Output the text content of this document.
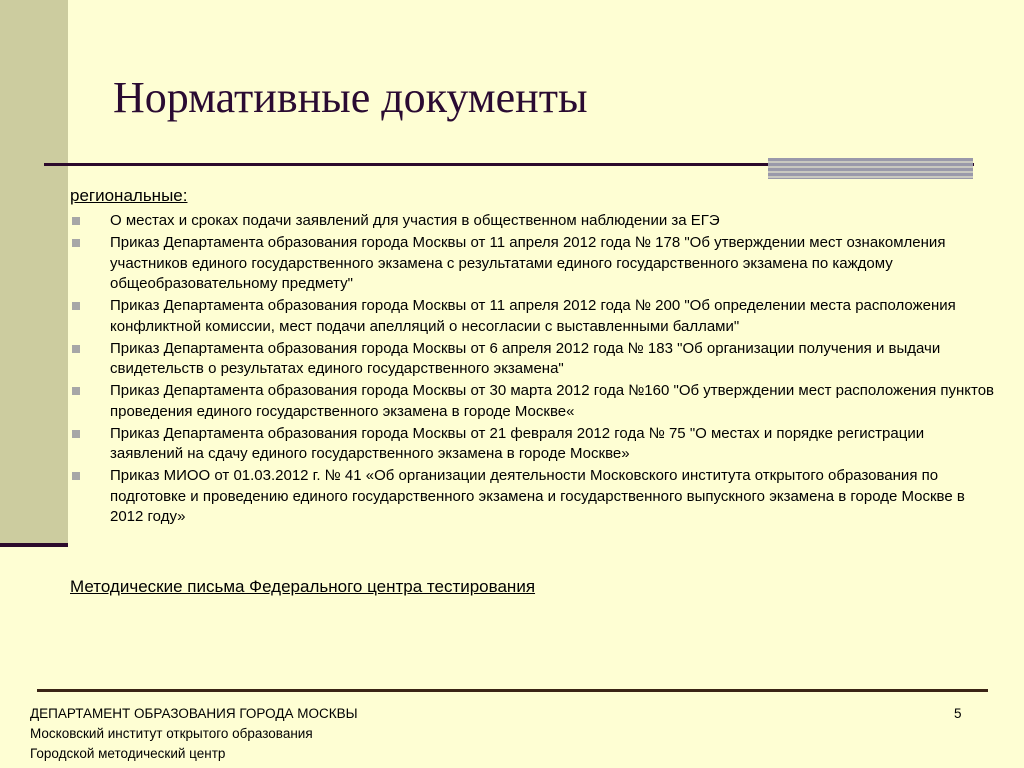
Нормативные документы
региональные:
О местах и сроках подачи заявлений для участия в общественном наблюдении за ЕГЭ
Приказ Департамента образования города Москвы от 11 апреля 2012 года № 178 "Об утверждении мест ознакомления участников единого государственного экзамена с результатами единого государственного экзамена по каждому общеобразовательному предмету"
Приказ Департамента образования города Москвы от 11 апреля 2012 года № 200 "Об определении места расположения конфликтной комиссии, мест подачи апелляций о несогласии с выставленными баллами"
Приказ Департамента образования города Москвы от 6 апреля 2012 года № 183 "Об организации получения и выдачи свидетельств о результатах единого государственного экзамена"
Приказ Департамента образования города Москвы от 30 марта 2012 года №160 "Об утверждении мест расположения пунктов проведения единого государственного экзамена в городе Москве«
Приказ Департамента образования города Москвы от 21 февраля 2012 года № 75 "О местах и порядке регистрации заявлений на сдачу единого государственного экзамена в городе Москве»
Приказ МИОО от 01.03.2012 г. № 41 «Об организации деятельности Московского института открытого образования по подготовке и проведению единого государственного экзамена и государственного выпускного экзамена в городе Москве в 2012 году»
Методические письма Федерального центра тестирования
ДЕПАРТАМЕНТ ОБРАЗОВАНИЯ ГОРОДА МОСКВЫ
Московский институт открытого образования
Городской методический центр
5
